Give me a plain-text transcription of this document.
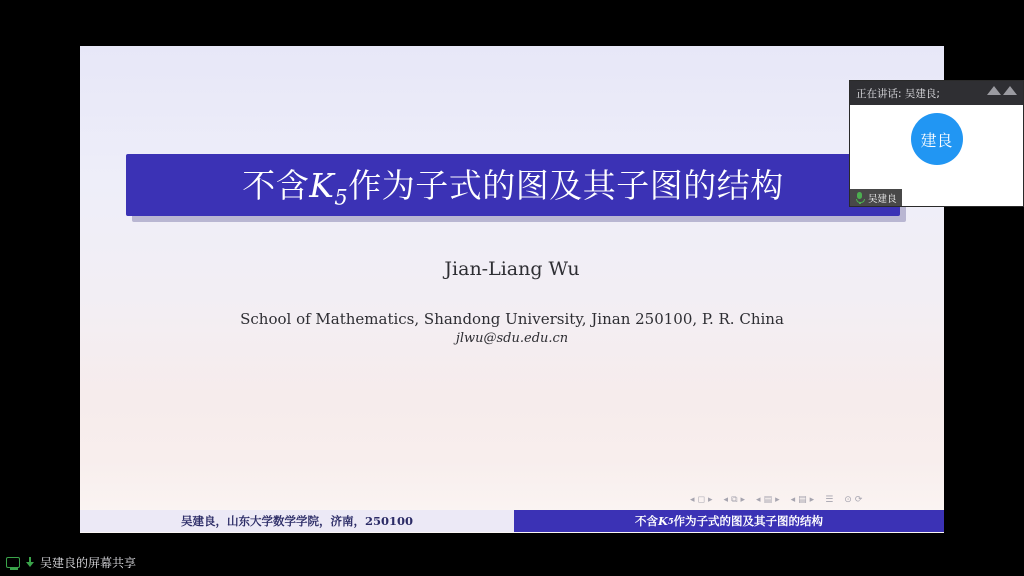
不含$K_5$作为子式的图及其子图的结构
Jian-Liang Wu
School of Mathematics, Shandong University, Jinan 250100, P. R. China
jlwu@sdu.edu.cn
◂ ◻ ▸ ◂ ⧉ ▸ ◂ ▤ ▸ ◂ ▤ ▸ ☰ ⊙ ⟳
吴建良，山东大学数学学院，济南，250100	不含 K 5 作为子式的图及其子图的结构
正在讲话: 吴建良;
建良
吴建良
吴建良的屏幕共享
